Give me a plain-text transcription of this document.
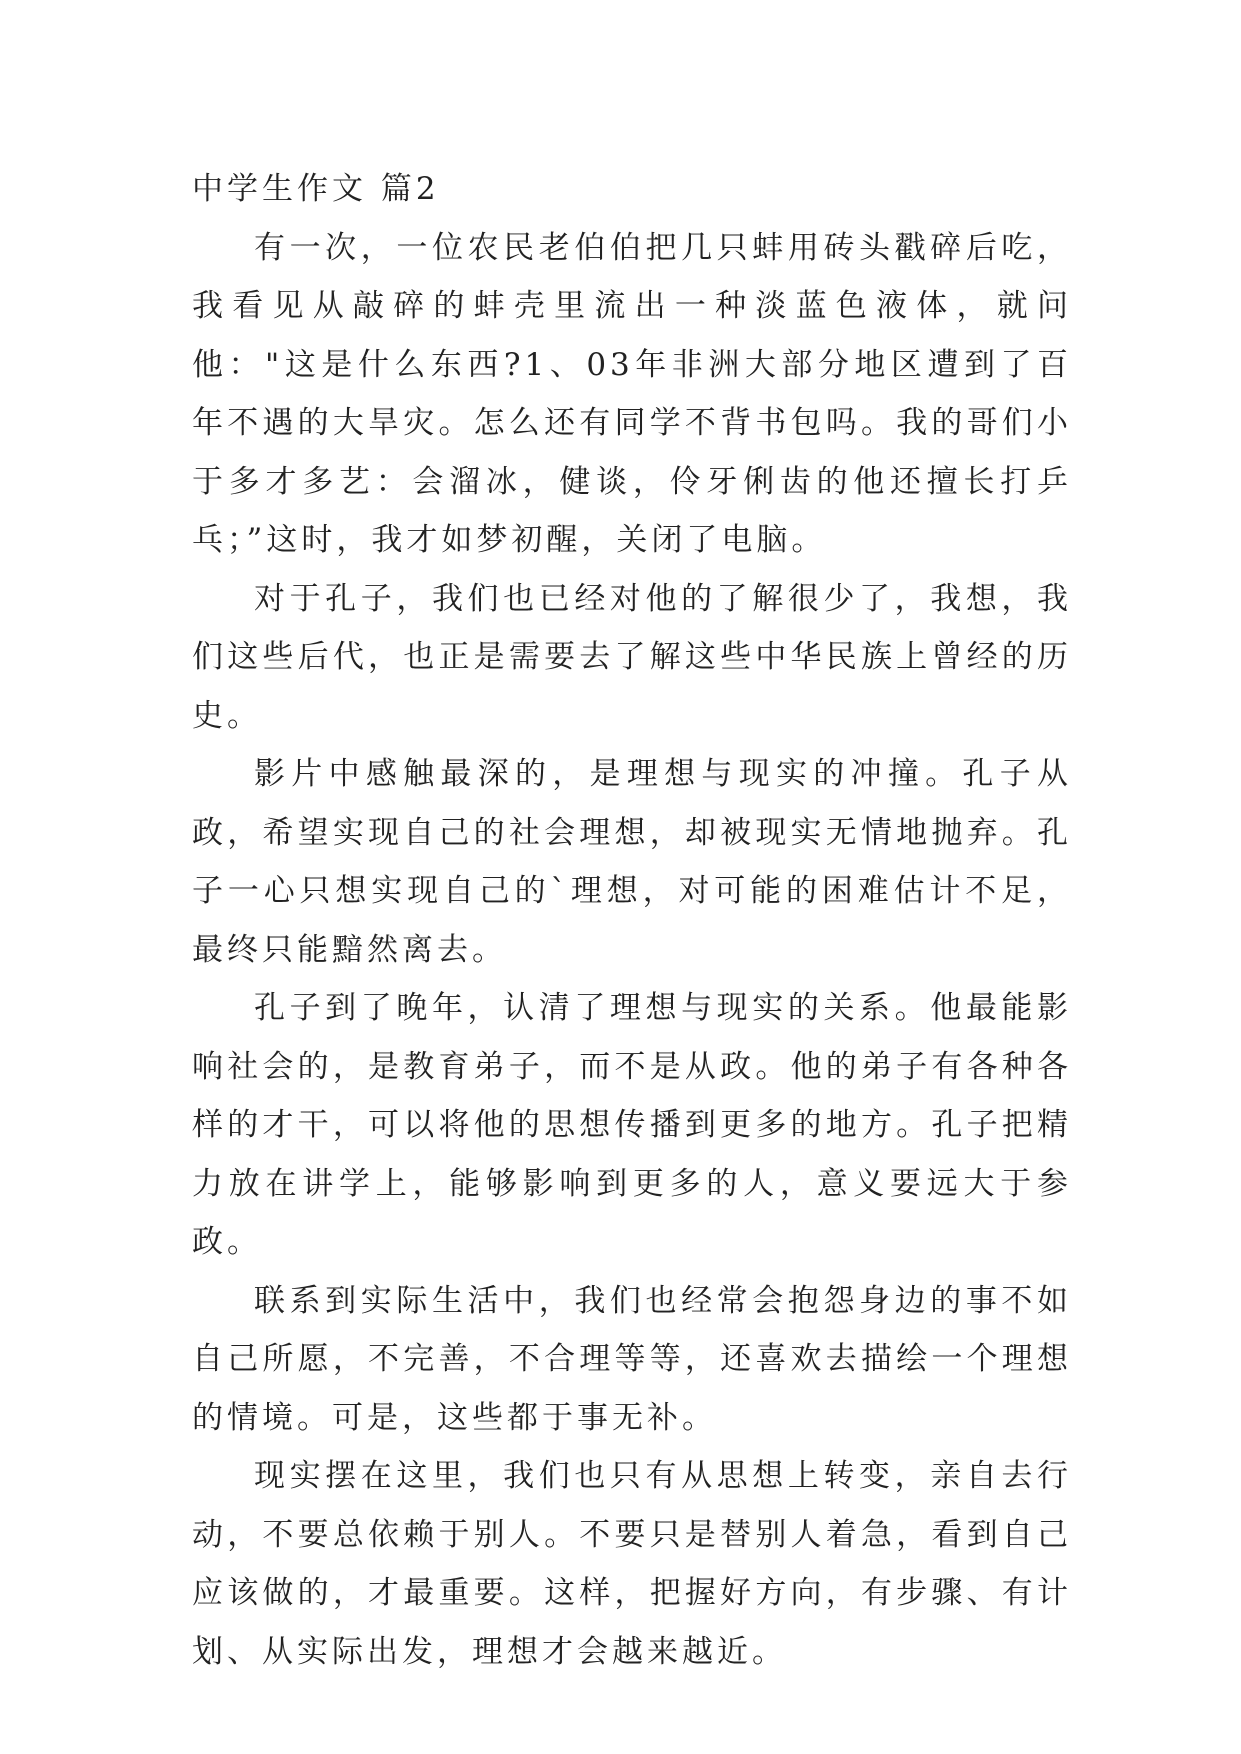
中学生作文 篇2

有一次，一位农民老伯伯把几只蚌用砖头戳碎后吃，我看见从敲碎的蚌壳里流出一种淡蓝色液体，就问他："这是什么东西?1、03年非洲大部分地区遭到了百年不遇的大旱灾。怎么还有同学不背书包吗。我的哥们小于多才多艺：会溜冰，健谈，伶牙俐齿的他还擅长打乒乓；”这时，我才如梦初醒，关闭了电脑。

对于孔子，我们也已经对他的了解很少了，我想，我们这些后代，也正是需要去了解这些中华民族上曾经的历史。

影片中感触最深的，是理想与现实的冲撞。孔子从政，希望实现自己的社会理想，却被现实无情地抛弃。孔子一心只想实现自己的`理想，对可能的困难估计不足，最终只能黯然离去。

孔子到了晚年，认清了理想与现实的关系。他最能影响社会的，是教育弟子，而不是从政。他的弟子有各种各样的才干，可以将他的思想传播到更多的地方。孔子把精力放在讲学上，能够影响到更多的人，意义要远大于参政。

联系到实际生活中，我们也经常会抱怨身边的事不如自己所愿，不完善，不合理等等，还喜欢去描绘一个理想的情境。可是，这些都于事无补。

现实摆在这里，我们也只有从思想上转变，亲自去行动，不要总依赖于别人。不要只是替别人着急，看到自己应该做的，才最重要。这样，把握好方向，有步骤、有计划、从实际出发，理想才会越来越近。
